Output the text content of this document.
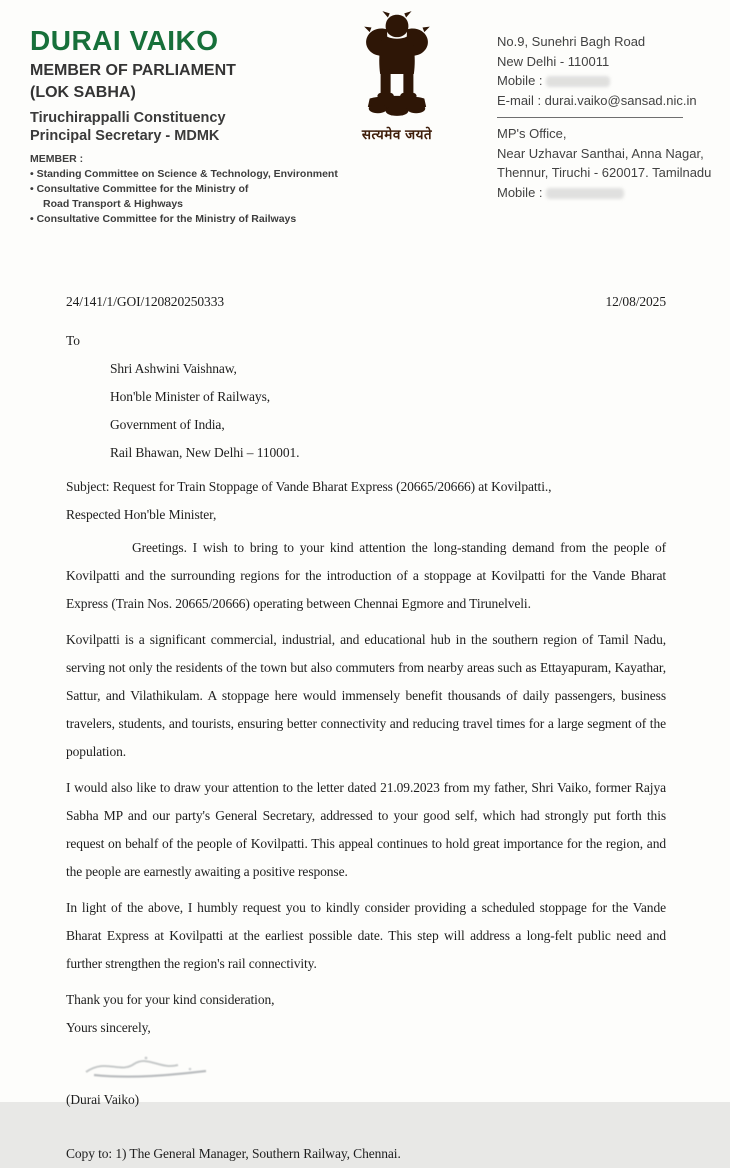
DURAI VAIKO
MEMBER OF PARLIAMENT
(LOK SABHA)
Tiruchirappalli Constituency
Principal Secretary - MDMK
MEMBER :
• Standing Committee on Science & Technology, Environment
• Consultative Committee for the Ministry of
Road Transport & Highways
• Consultative Committee for the Ministry of Railways
सत्यमेव जयते
No.9, Sunehri Bagh Road
New Delhi - 110011
Mobile :
E-mail : durai.vaiko@sansad.nic.in
MP's Office,
Near Uzhavar Santhai, Anna Nagar,
Thennur, Tiruchi - 620017. Tamilnadu
Mobile :
24/141/1/GOI/120820250333	12/08/2025
To
Shri Ashwini Vaishnaw,
Hon'ble Minister of Railways,
Government of India,
Rail Bhawan, New Delhi – 110001.
Subject: Request for Train Stoppage of Vande Bharat Express (20665/20666) at Kovilpatti.,
Respected Hon'ble Minister,

Greetings. I wish to bring to your kind attention the long-standing demand from the people of Kovilpatti and the surrounding regions for the introduction of a stoppage at Kovilpatti for the Vande Bharat Express (Train Nos. 20665/20666) operating between Chennai Egmore and Tirunelveli.

Kovilpatti is a significant commercial, industrial, and educational hub in the southern region of Tamil Nadu, serving not only the residents of the town but also commuters from nearby areas such as Ettayapuram, Kayathar, Sattur, and Vilathikulam. A stoppage here would immensely benefit thousands of daily passengers, business travelers, students, and tourists, ensuring better connectivity and reducing travel times for a large segment of the population.

I would also like to draw your attention to the letter dated 21.09.2023 from my father, Shri Vaiko, former Rajya Sabha MP and our party's General Secretary, addressed to your good self, which had strongly put forth this request on behalf of the people of Kovilpatti. This appeal continues to hold great importance for the region, and the people are earnestly awaiting a positive response.

In light of the above, I humbly request you to kindly consider providing a scheduled stoppage for the Vande Bharat Express at Kovilpatti at the earliest possible date. This step will address a long-felt public need and further strengthen the region's rail connectivity.

Thank you for your kind consideration,
Yours sincerely,
(Durai Vaiko)
Copy to: 1) The General Manager, Southern Railway, Chennai.
